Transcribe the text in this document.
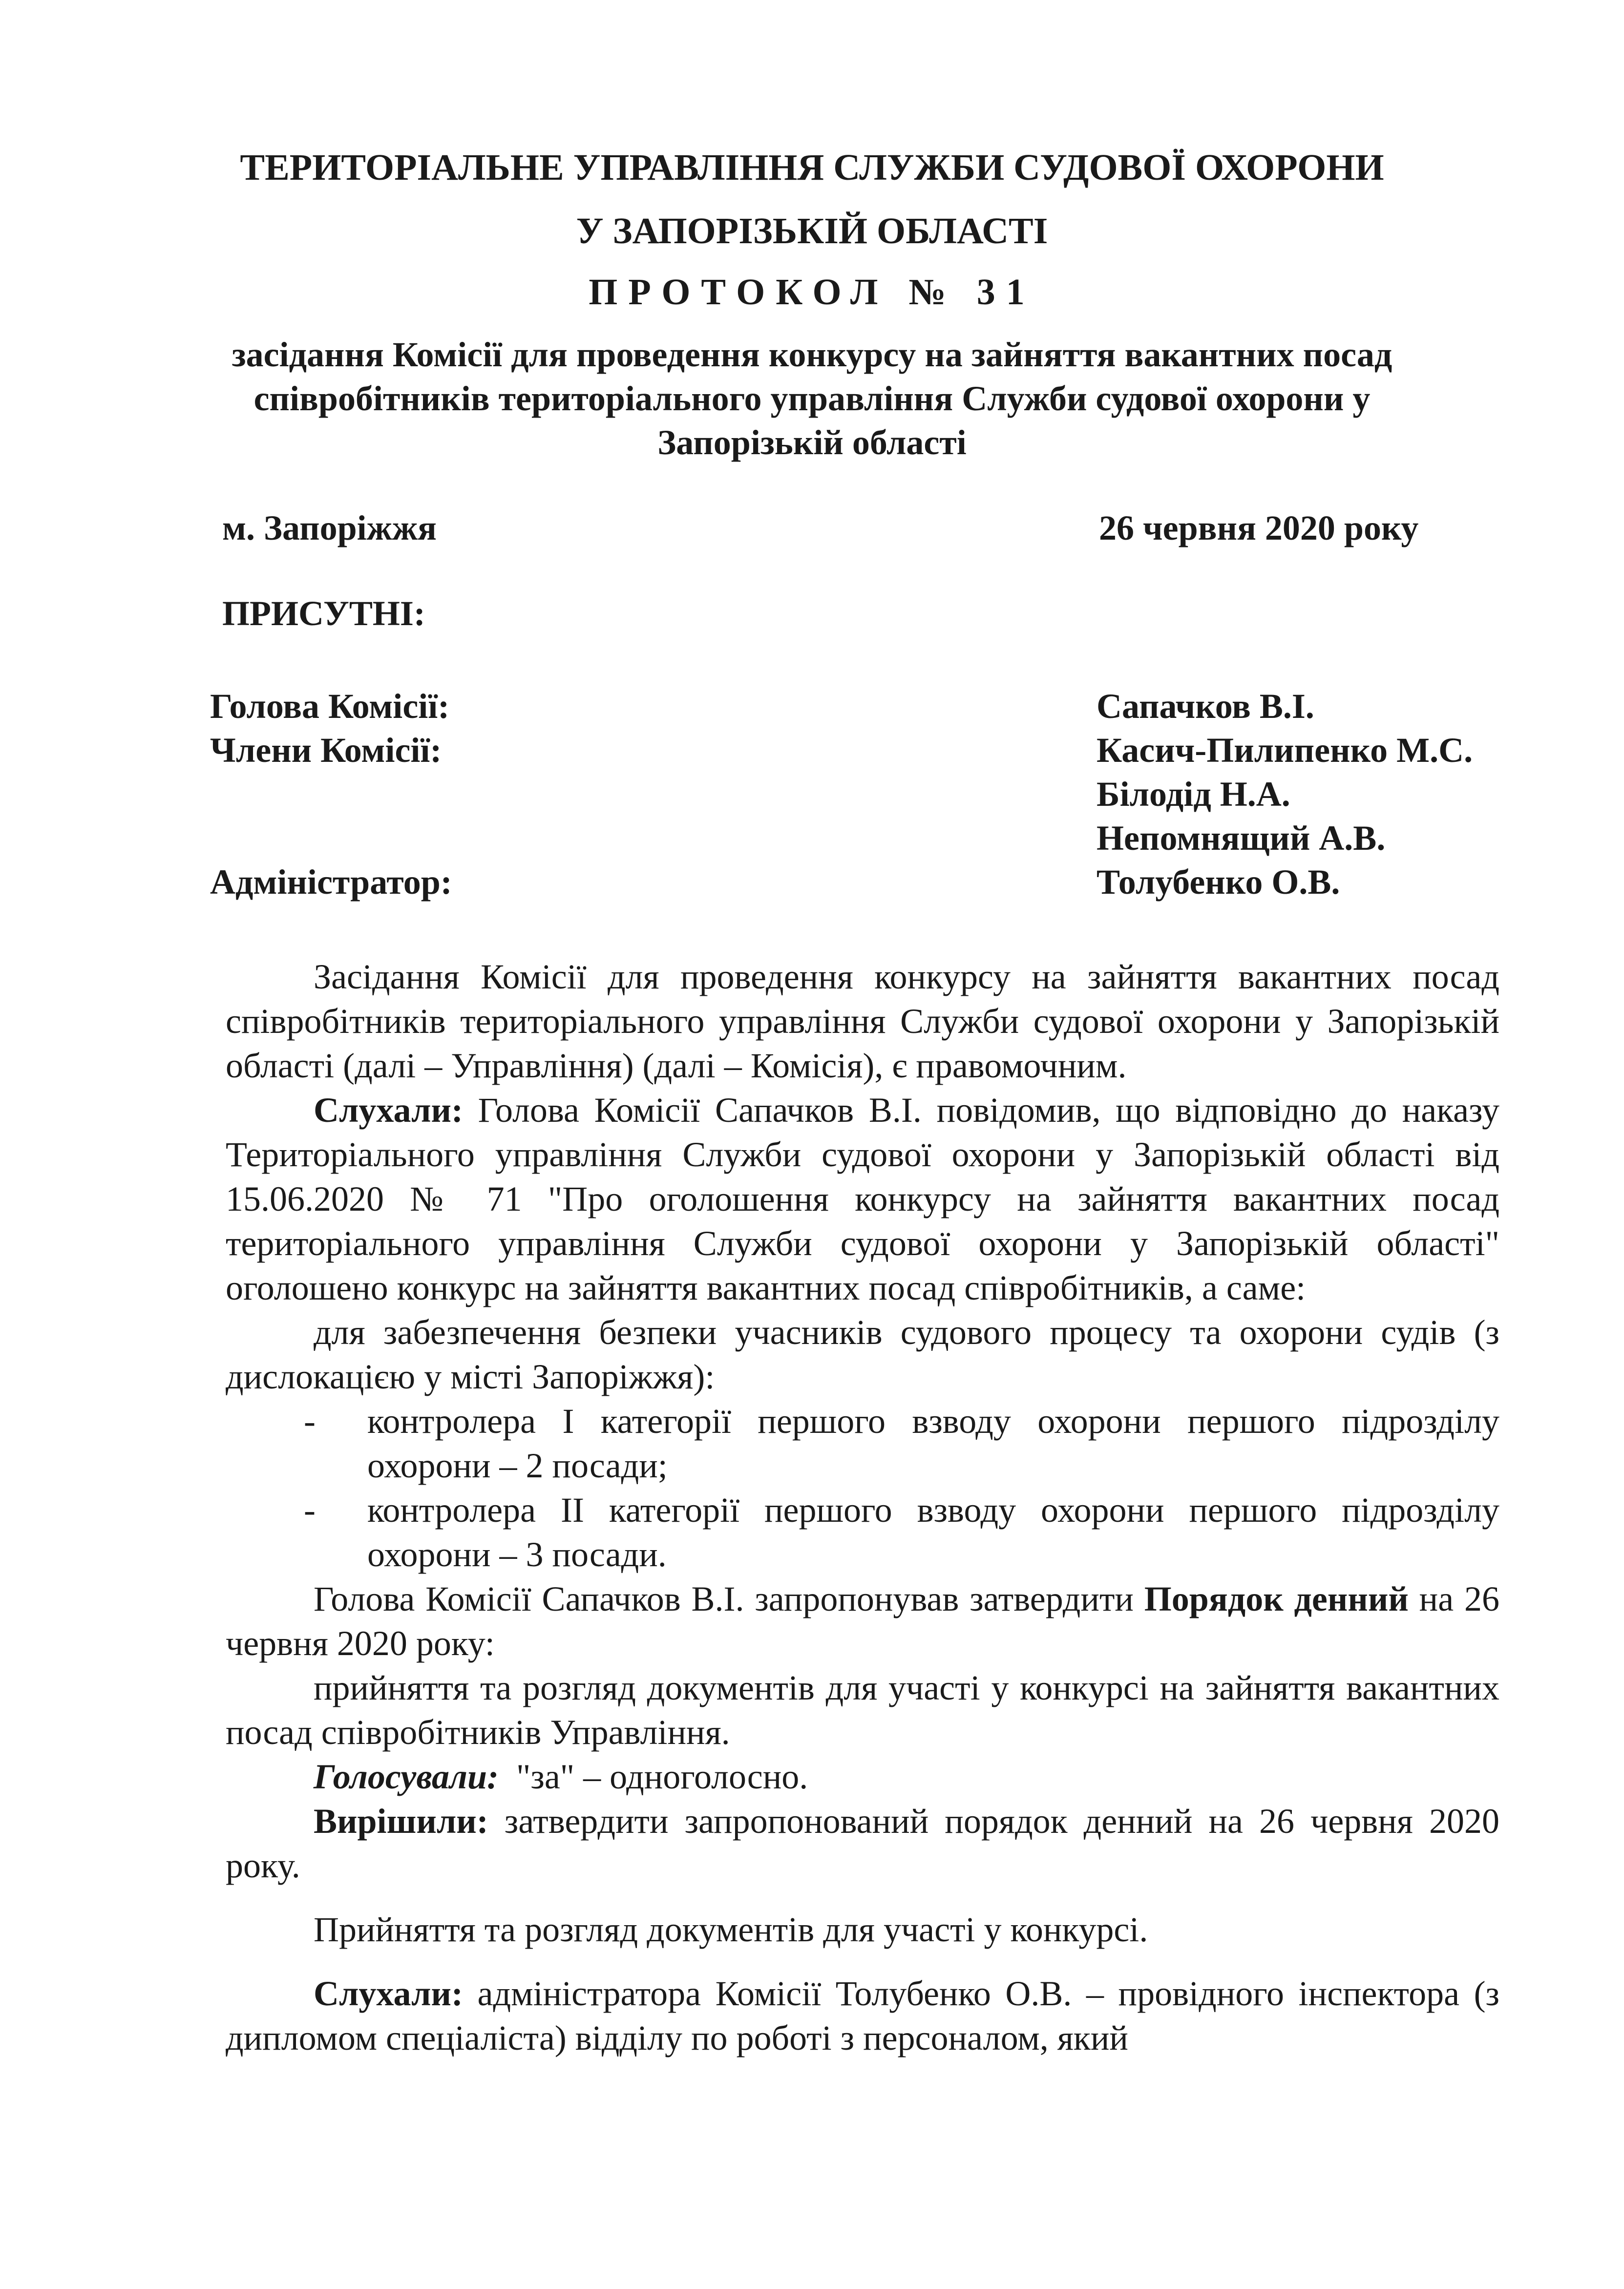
ТЕРИТОРІАЛЬНЕ УПРАВЛІННЯ СЛУЖБИ СУДОВОЇ ОХОРОНИ
У ЗАПОРІЗЬКІЙ ОБЛАСТІ
ПРОТОКОЛ № 31
засідання Комісії для проведення конкурсу на зайняття вакантних посад
співробітників територіального управління Служби судової охорони у
Запорізькій області
м. Запоріжжя	26 червня 2020 року
ПРИСУТНІ:
Голова Комісії:	Сапачков В.І.
Члени Комісії:	Касич-Пилипенко М.С.
Білодід Н.А.
Непомнящий А.В.
Адміністратор:	Толубенко О.В.

Засідання Комісії для проведення конкурсу на зайняття вакантних посад співробітників територіального управління Служби судової охорони у Запорізькій області (далі – Управління) (далі – Комісія), є правомочним.

Слухали: Голова Комісії Сапачков В.І. повідомив, що відповідно до наказу Територіального управління Служби судової охорони у Запорізькій області від 15.06.2020 № 71 "Про оголошення конкурсу на зайняття вакантних посад територіального управління Служби судової охорони у Запорізькій області" оголошено конкурс на зайняття вакантних посад співробітників, а саме:

для забезпечення безпеки учасників судового процесу та охорони судів (з дислокацією у місті Запоріжжя):

- контролера І категорії першого взводу охорони першого підрозділу охорони – 2 посади;

- контролера ІІ категорії першого взводу охорони першого підрозділу охорони – 3 посади.

Голова Комісії Сапачков В.І. запропонував затвердити Порядок денний на 26 червня 2020 року:

прийняття та розгляд документів для участі у конкурсі на зайняття вакантних посад співробітників Управління.

Голосували:  "за" – одноголосно.

Вирішили: затвердити запропонований порядок денний на 26 червня 2020 року.

Прийняття та розгляд документів для участі у конкурсі.

Слухали: адміністратора Комісії Толубенко О.В. – провідного інспектора (з дипломом спеціаліста) відділу по роботі з персоналом, який
